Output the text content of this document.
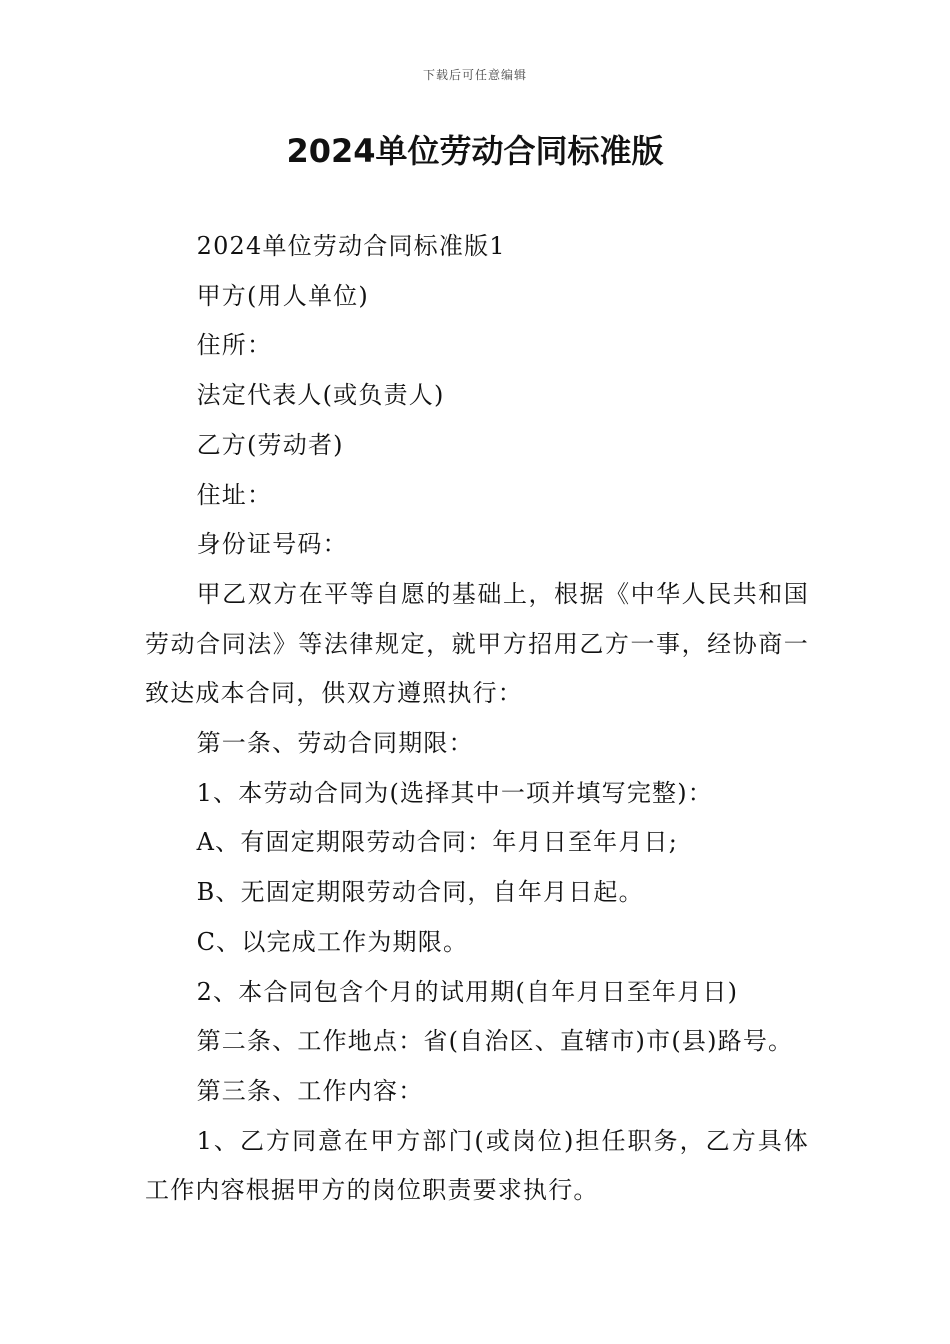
下载后可任意编辑
2024单位劳动合同标准版

2024单位劳动合同标准版1

甲方(用人单位)

住所：

法定代表人(或负责人)

乙方(劳动者)

住址：

身份证号码：

甲乙双方在平等自愿的基础上，根据《中华人民共和国劳动合同法》等法律规定，就甲方招用乙方一事，经协商一致达成本合同，供双方遵照执行：

第一条、劳动合同期限：

1、本劳动合同为(选择其中一项并填写完整)：

A、有固定期限劳动合同：年月日至年月日;

B、无固定期限劳动合同，自年月日起。

C、以完成工作为期限。

2、本合同包含个月的试用期(自年月日至年月日)

第二条、工作地点：省(自治区、直辖市)市(县)路号。

第三条、工作内容：

1、乙方同意在甲方部门(或岗位)担任职务，乙方具体工作内容根据甲方的岗位职责要求执行。
